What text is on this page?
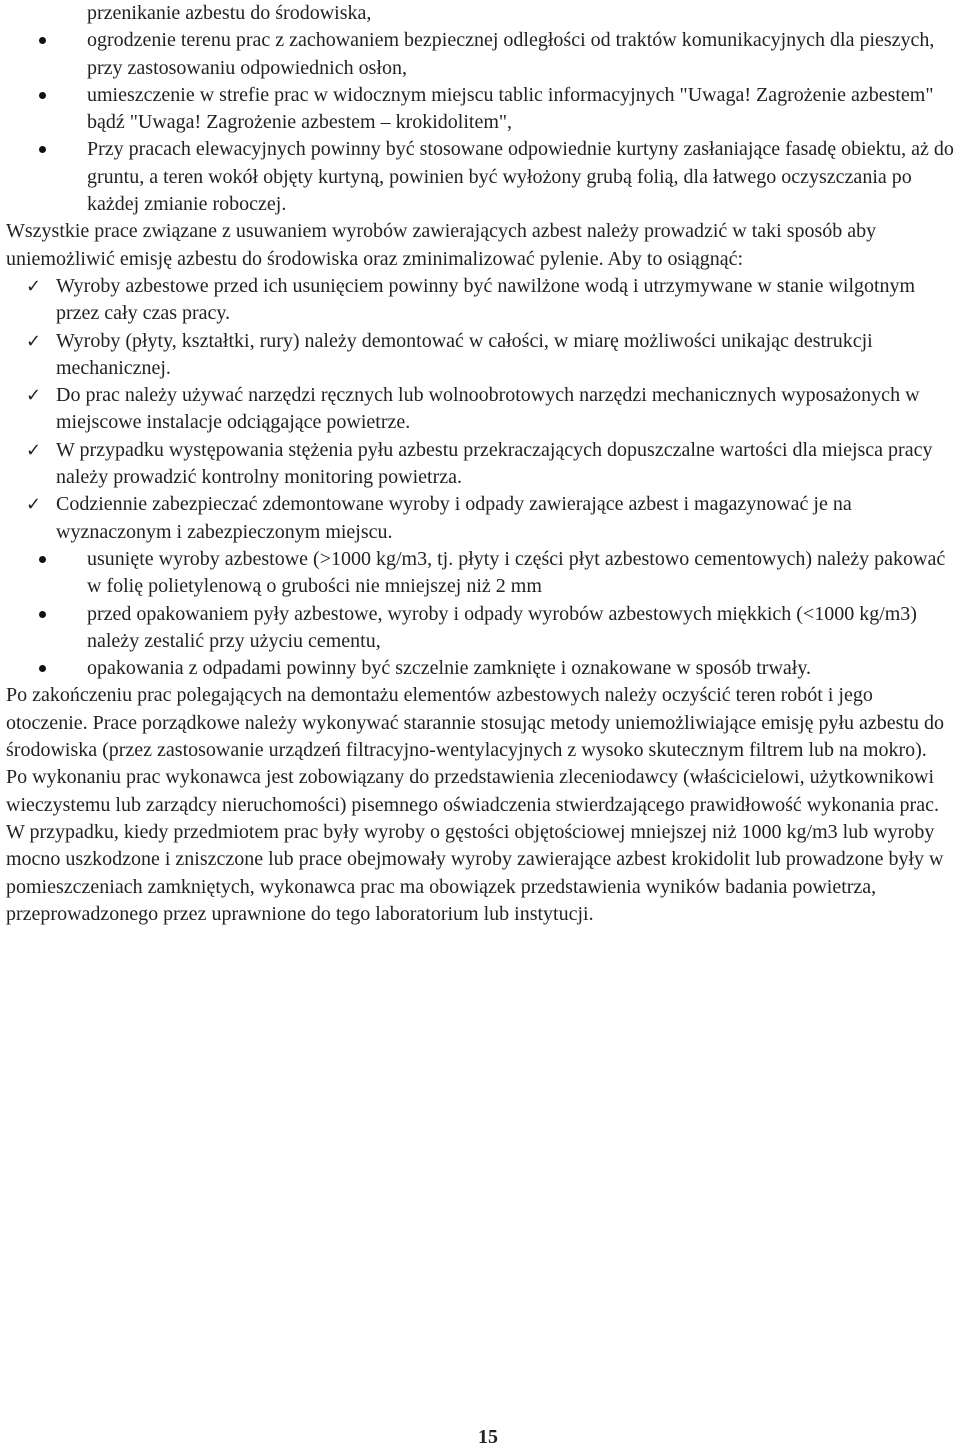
przenikanie azbestu do środowiska,

ogrodzenie terenu prac z zachowaniem bezpiecznej odległości od traktów komunikacyjnych dla pieszych, przy zastosowaniu odpowiednich osłon,
umieszczenie w strefie prac w widocznym miejscu tablic informacyjnych "Uwaga! Zagrożenie azbestem" bądź "Uwaga! Zagrożenie azbestem – krokidolitem",
Przy pracach elewacyjnych powinny być stosowane odpowiednie kurtyny zasłaniające fasadę obiektu, aż do gruntu, a teren wokół objęty kurtyną, powinien być wyłożony grubą folią, dla łatwego oczyszczania po każdej zmianie roboczej.

Wszystkie prace związane z usuwaniem wyrobów zawierających azbest należy prowadzić w taki sposób aby uniemożliwić emisję azbestu do środowiska oraz zminimalizować pylenie. Aby to osiągnąć:

✓ Wyroby azbestowe przed ich usunięciem powinny być nawilżone wodą i utrzymywane w stanie wilgotnym przez cały czas pracy.
✓ Wyroby (płyty, kształtki, rury) należy demontować w całości, w miarę możliwości unikając destrukcji mechanicznej.
✓ Do prac należy używać narzędzi ręcznych lub wolnoobrotowych narzędzi mechanicznych wyposażonych w miejscowe instalacje odciągające powietrze.
✓ W przypadku występowania stężenia pyłu azbestu przekraczających dopuszczalne wartości dla miejsca pracy należy prowadzić kontrolny monitoring powietrza.
✓ Codziennie zabezpieczać zdemontowane wyroby i odpady zawierające azbest i magazynować je na wyznaczonym i zabezpieczonym miejscu.
usunięte wyroby azbestowe (>1000 kg/m3, tj. płyty i części płyt azbestowo cementowych) należy pakować w folię polietylenową o grubości nie mniejszej niż 2 mm
przed opakowaniem pyły azbestowe, wyroby i odpady wyrobów azbestowych miękkich (<1000 kg/m3) należy zestalić przy użyciu cementu,
opakowania z odpadami powinny być szczelnie zamknięte i oznakowane w sposób trwały.

Po zakończeniu prac polegających na demontażu elementów azbestowych należy oczyścić teren robót i jego otoczenie. Prace porządkowe należy wykonywać starannie stosując metody uniemożliwiające emisję pyłu azbestu do środowiska (przez zastosowanie urządzeń filtracyjno-wentylacyjnych z wysoko skutecznym filtrem lub na mokro).

Po wykonaniu prac wykonawca jest zobowiązany do przedstawienia zleceniodawcy (właścicielowi, użytkownikowi wieczystemu lub zarządcy nieruchomości) pisemnego oświadczenia stwierdzającego prawidłowość wykonania prac.

W przypadku, kiedy przedmiotem prac były wyroby o gęstości objętościowej mniejszej niż 1000 kg/m3 lub wyroby mocno uszkodzone i zniszczone lub prace obejmowały wyroby zawierające azbest krokidolit lub prowadzone były w pomieszczeniach zamkniętych, wykonawca prac ma obowiązek przedstawienia wyników badania powietrza, przeprowadzonego przez uprawnione do tego laboratorium lub instytucji.

15
